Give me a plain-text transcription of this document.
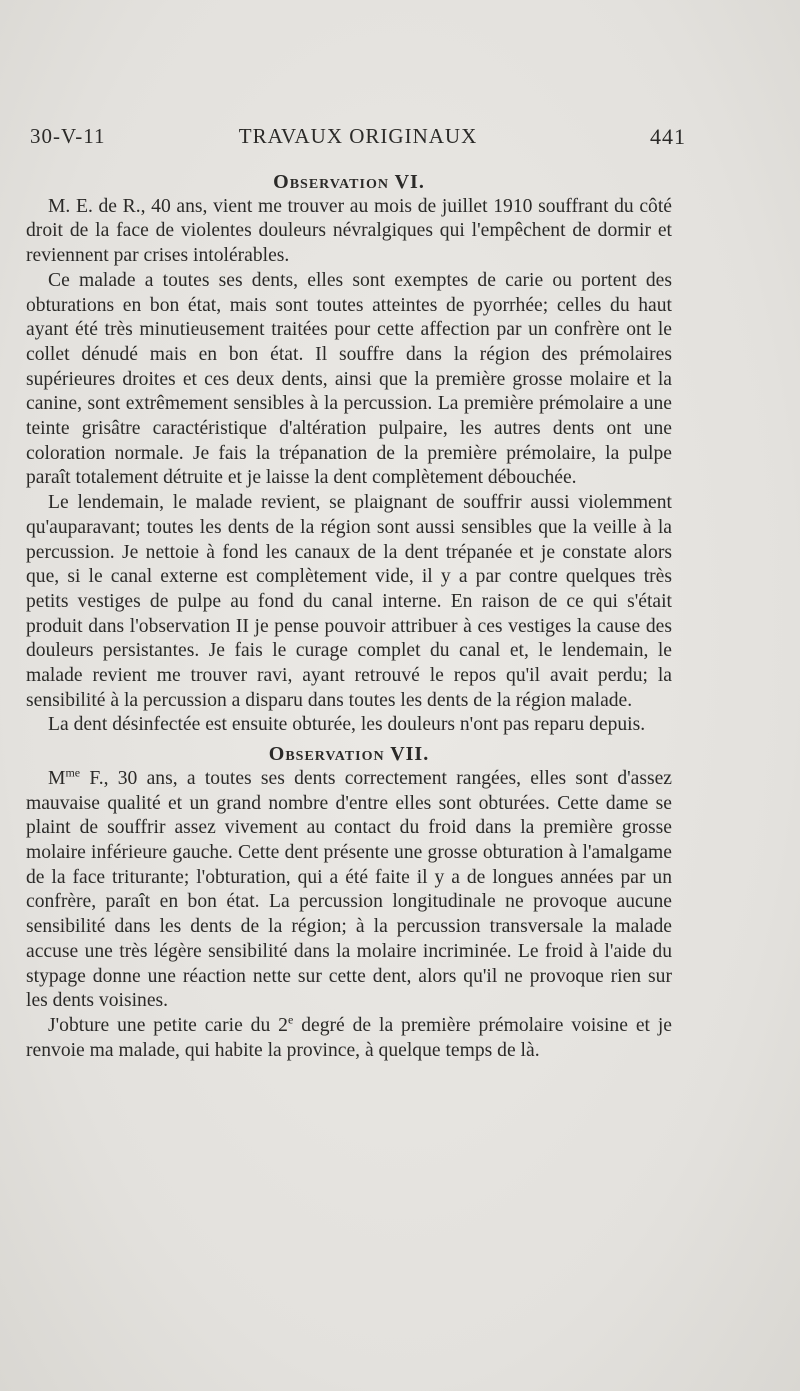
30-V-11	TRAVAUX ORIGINAUX	441
Observation VI.

M. E. de R., 40 ans, vient me trouver au mois de juillet 1910 souffrant du côté droit de la face de violentes douleurs névralgiques qui l'empêchent de dormir et reviennent par crises intolérables.

Ce malade a toutes ses dents, elles sont exemptes de carie ou portent des obturations en bon état, mais sont toutes atteintes de pyorrhée; celles du haut ayant été très minutieusement traitées pour cette affection par un confrère ont le collet dénudé mais en bon état. Il souffre dans la région des prémolaires supérieures droites et ces deux dents, ainsi que la première grosse molaire et la canine, sont extrêmement sensibles à la percussion. La première prémolaire a une teinte grisâtre caractéristique d'altération pulpaire, les autres dents ont une coloration normale. Je fais la trépanation de la première prémolaire, la pulpe paraît totalement détruite et je laisse la dent complètement débouchée.

Le lendemain, le malade revient, se plaignant de souffrir aussi violemment qu'auparavant; toutes les dents de la région sont aussi sensibles que la veille à la percussion. Je nettoie à fond les canaux de la dent trépanée et je constate alors que, si le canal externe est complètement vide, il y a par contre quelques très petits vestiges de pulpe au fond du canal interne. En raison de ce qui s'était produit dans l'observation II je pense pouvoir attribuer à ces vestiges la cause des douleurs persistantes. Je fais le curage complet du canal et, le lendemain, le malade revient me trouver ravi, ayant retrouvé le repos qu'il avait perdu; la sensibilité à la percussion a disparu dans toutes les dents de la région malade.

La dent désinfectée est ensuite obturée, les douleurs n'ont pas reparu depuis.

Observation VII.

$M^{me}$ F., 30 ans, a toutes ses dents correctement rangées, elles sont d'assez mauvaise qualité et un grand nombre d'entre elles sont obturées. Cette dame se plaint de souffrir assez vivement au contact du froid dans la première grosse molaire inférieure gauche. Cette dent présente une grosse obturation à l'amalgame de la face triturante; l'obturation, qui a été faite il y a de longues années par un confrère, paraît en bon état. La percussion longitudinale ne provoque aucune sensibilité dans les dents de la région; à la percussion transversale la malade accuse une très légère sensibilité dans la molaire incriminée. Le froid à l'aide du stypage donne une réaction nette sur cette dent, alors qu'il ne provoque rien sur les dents voisines.

J'obture une petite carie du 2e degré de la première prémolaire voisine et je renvoie ma malade, qui habite la province, à quelque temps de là.
